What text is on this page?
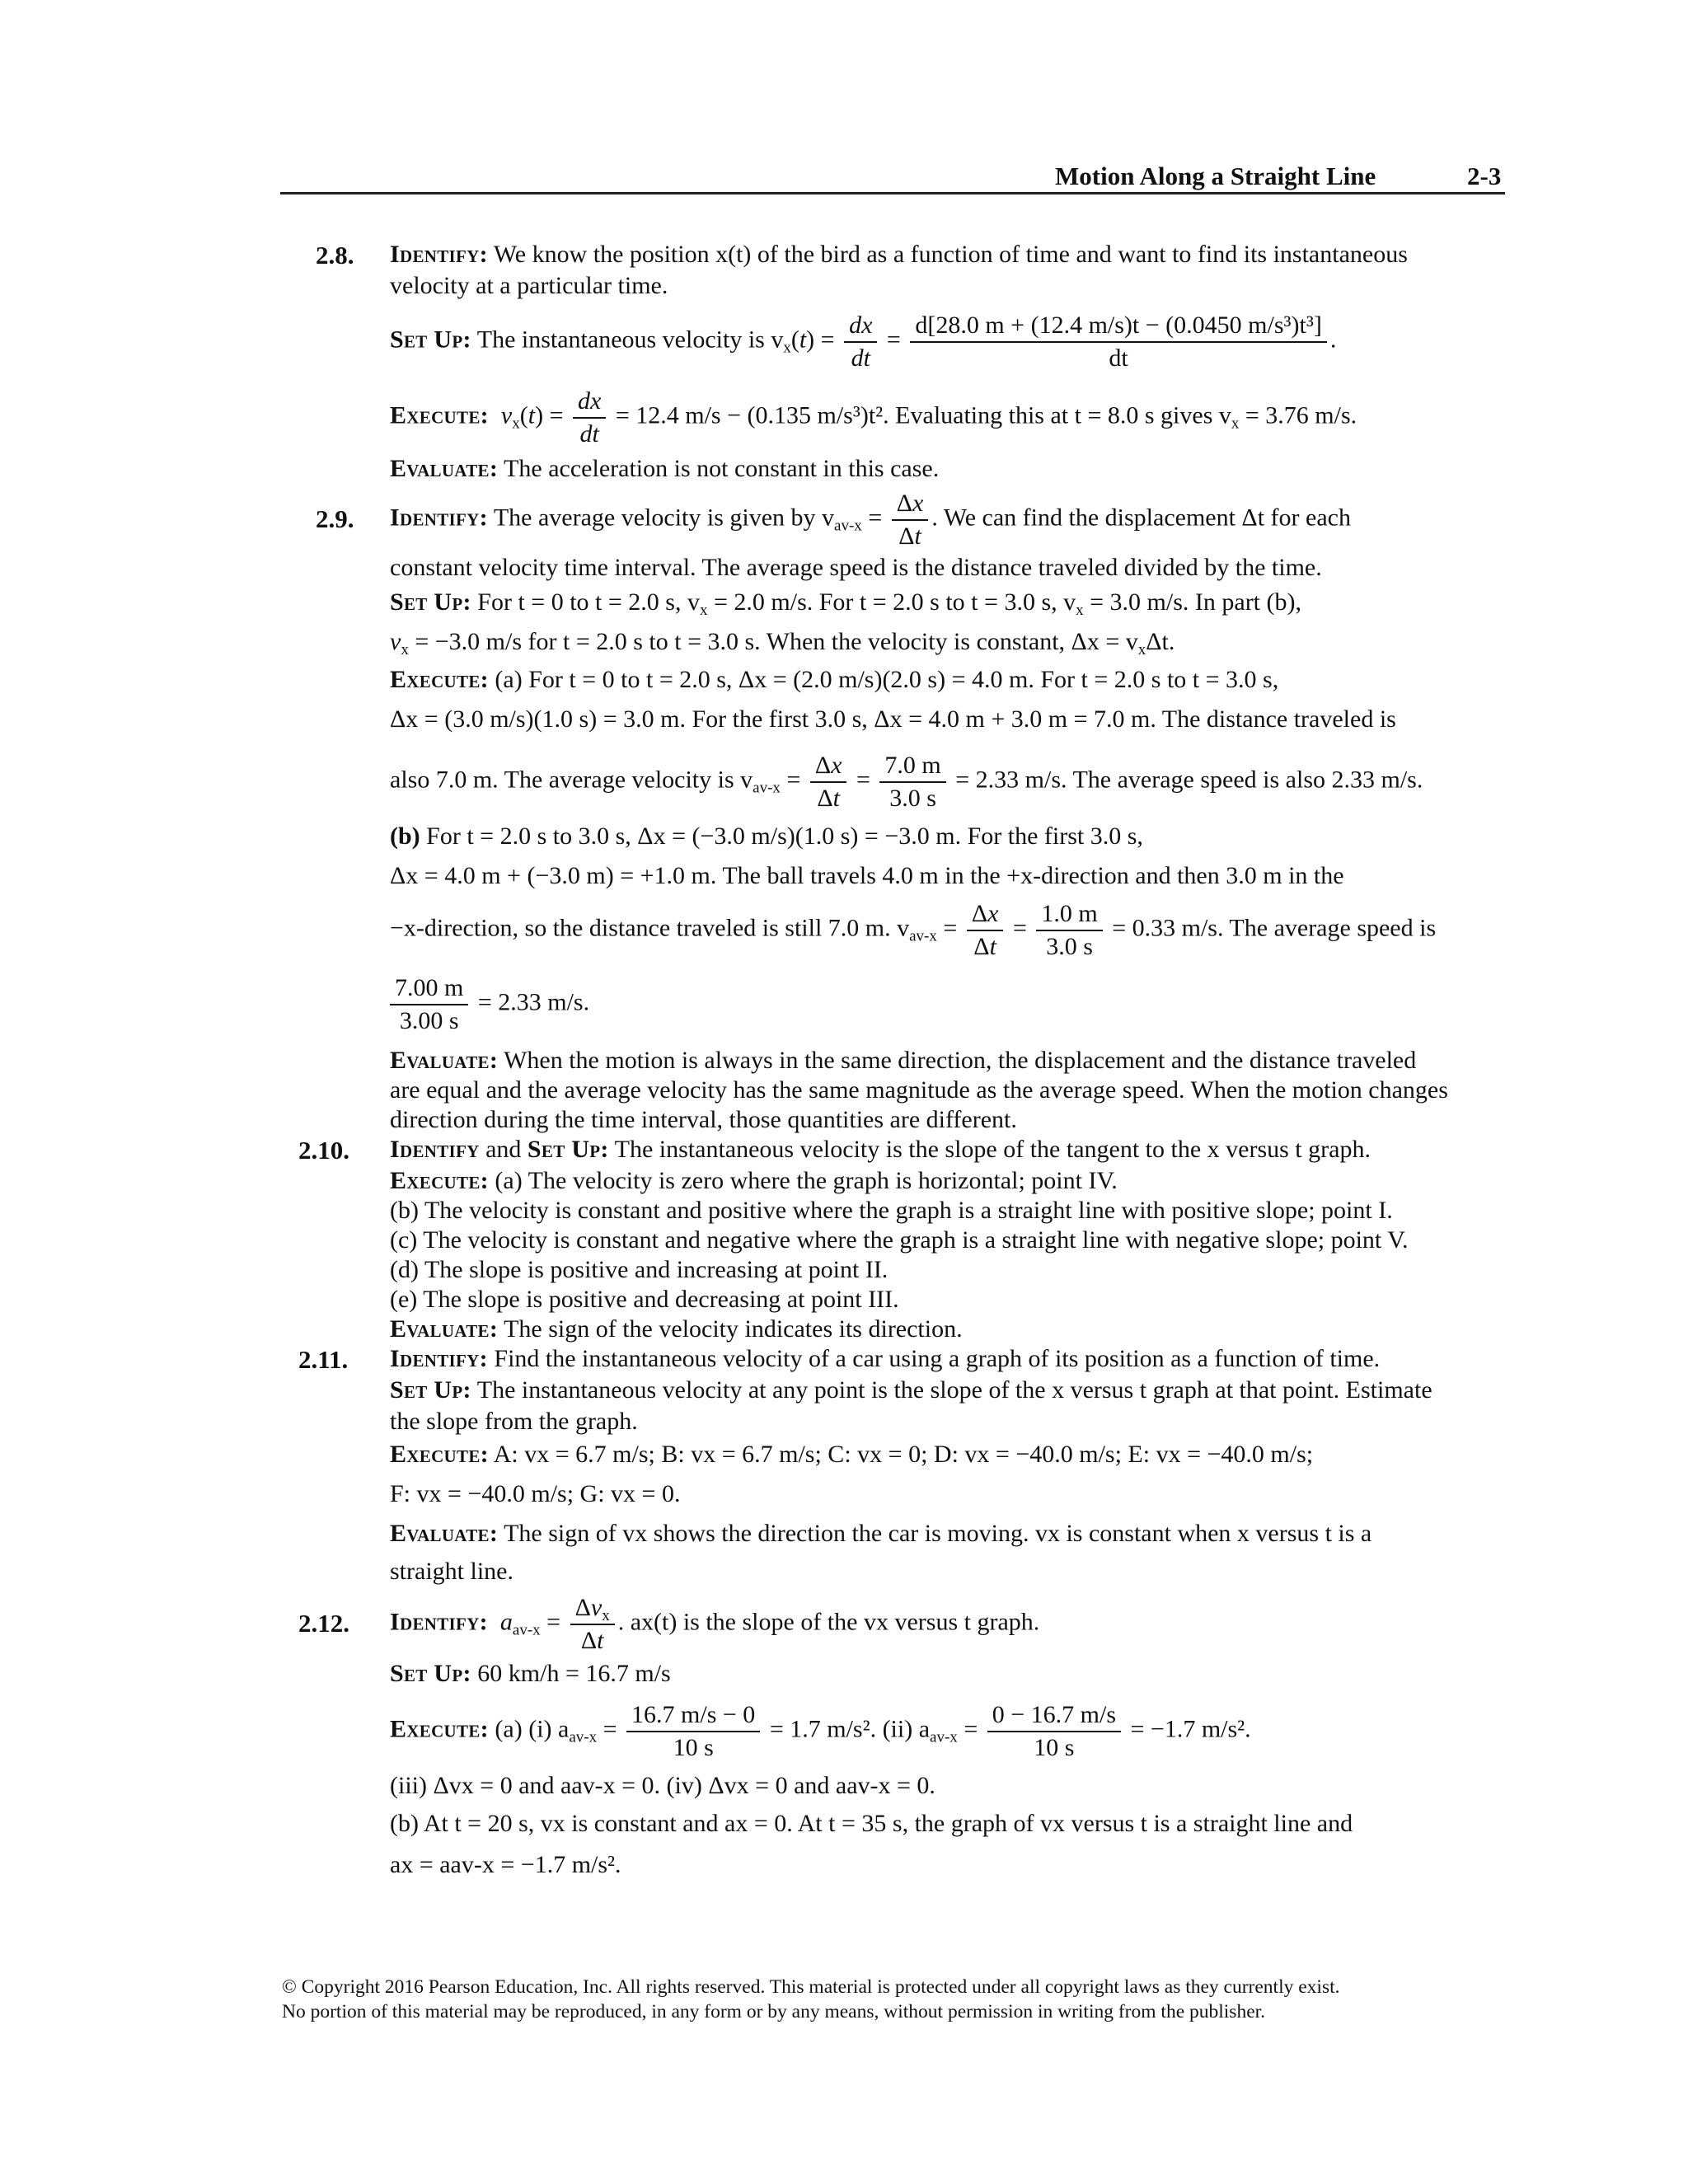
Motion Along a Straight Line	2-3
2.8. Identify: We know the position x(t) of the bird as a function of time and want to find its instantaneous
velocity at a particular time.
Set Up: The instantaneous velocity is $v_x(t) = \frac{dx}{dt} = \frac{\text{d[28.0 m + (12.4 m/s)t − (0.0450 m/s³)t³]}}{dt}$ .
Execute: $v_x(t) = \frac{dx}{dt} = 12.4$ m/s − (0.135 m/s³)t². Evaluating this at t = 8.0 s gives $v_x = 3.76$ m/s.
Evaluate: The acceleration is not constant in this case.
2.9. Identify: The average velocity is given by $v_{av-x} = \frac{\Delta x}{\Delta t}$ . We can find the displacement Δt for each
constant velocity time interval. The average speed is the distance traveled divided by the time.
Set Up: For t = 0 to t = 2.0 s, $v_x = 2.0$ m/s. For t = 2.0 s to t = 3.0 s, $v_x = 3.0$ m/s. In part (b),
$v_x = -3.0$ m/s for t = 2.0 s to t = 3.0 s. When the velocity is constant, $\Delta x = v_x\Delta t$.
Execute: (a) For t = 0 to t = 2.0 s, Δx = (2.0 m/s)(2.0 s) = 4.0 m. For t = 2.0 s to t = 3.0 s,
Δx = (3.0 m/s)(1.0 s) = 3.0 m. For the first 3.0 s, Δx = 4.0 m + 3.0 m = 7.0 m. The distance traveled is
also 7.0 m. The average velocity is $v_{av-x} = \frac{\Delta x}{\Delta t} = \frac{7.0 m}{3.0 s} = 2.33$ m/s. The average speed is also 2.33 m/s.
(b) For t = 2.0 s to 3.0 s, Δx = (−3.0 m/s)(1.0 s) = −3.0 m. For the first 3.0 s,
Δx = 4.0 m + (−3.0 m) = +1.0 m. The ball travels 4.0 m in the +x-direction and then 3.0 m in the
−x-direction, so the distance traveled is still 7.0 m. $v_{av-x} = \frac{\Delta x}{\Delta t} = \frac{1.0 m}{3.0 s} = 0.33$ m/s. The average speed is
$\frac{7.00 m}{3.00 s} = 2.33$ m/s.
Evaluate: When the motion is always in the same direction, the displacement and the distance traveled
are equal and the average velocity has the same magnitude as the average speed. When the motion changes
direction during the time interval, those quantities are different.
2.10. Identify and Set Up: The instantaneous velocity is the slope of the tangent to the x versus t graph.
Execute: (a) The velocity is zero where the graph is horizontal; point IV.
(b) The velocity is constant and positive where the graph is a straight line with positive slope; point I.
(c) The velocity is constant and negative where the graph is a straight line with negative slope; point V.
(d) The slope is positive and increasing at point II.
(e) The slope is positive and decreasing at point III.
Evaluate: The sign of the velocity indicates its direction.
2.11. Identify: Find the instantaneous velocity of a car using a graph of its position as a function of time.
Set Up: The instantaneous velocity at any point is the slope of the x versus t graph at that point. Estimate
the slope from the graph.
Execute: A: vx = 6.7 m/s; B: vx = 6.7 m/s; C: vx = 0; D: vx = −40.0 m/s; E: vx = −40.0 m/s;
F: vx = −40.0 m/s; G: vx = 0.
Evaluate: The sign of vx shows the direction the car is moving. vx is constant when x versus t is a
straight line.
2.12. Identify: $a_{av-x} = \frac{\Delta v_x}{\Delta t}$ . ax(t) is the slope of the vx versus t graph.
Set Up: 60 km/h = 16.7 m/s
Execute: (a) (i) $a_{av-x} = \frac{16.7 m/s - 0}{10 s} = 1.7$ m/s². (ii) $a_{av-x} = \frac{0 - 16.7 m/s}{10 s} = -1.7$ m/s².
(iii) Δvx = 0 and aav-x = 0. (iv) Δvx = 0 and aav-x = 0.
(b) At t = 20 s, vx is constant and ax = 0. At t = 35 s, the graph of vx versus t is a straight line and
ax = aav-x = −1.7 m/s².
© Copyright 2016 Pearson Education, Inc. All rights reserved. This material is protected under all copyright laws as they currently exist.
No portion of this material may be reproduced, in any form or by any means, without permission in writing from the publisher.
